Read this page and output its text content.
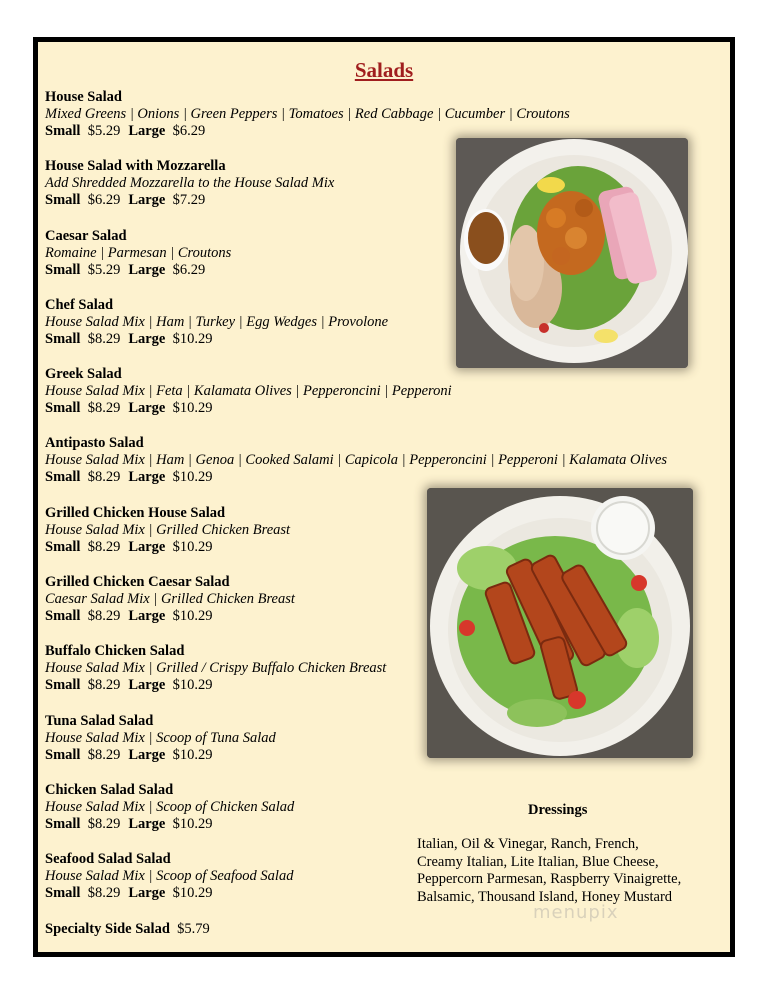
Salads
House Salad
Mixed Greens | Onions | Green Peppers | Tomatoes | Red Cabbage | Cucumber | Croutons
Small $5.29 Large $6.29
House Salad with Mozzarella
Add Shredded Mozzarella to the House Salad Mix
Small $6.29 Large $7.29
Caesar Salad
Romaine | Parmesan | Croutons
Small $5.29 Large $6.29
Chef Salad
House Salad Mix | Ham | Turkey | Egg Wedges | Provolone
Small $8.29 Large $10.29
Greek Salad
House Salad Mix | Feta | Kalamata Olives | Pepperoncini | Pepperoni
Small $8.29 Large $10.29
Antipasto Salad
House Salad Mix | Ham | Genoa | Cooked Salami | Capicola | Pepperoncini | Pepperoni | Kalamata Olives
Small $8.29 Large $10.29
Grilled Chicken House Salad
House Salad Mix | Grilled Chicken Breast
Small $8.29 Large $10.29
Grilled Chicken Caesar Salad
Caesar Salad Mix | Grilled Chicken Breast
Small $8.29 Large $10.29
Buffalo Chicken Salad
House Salad Mix | Grilled / Crispy Buffalo Chicken Breast
Small $8.29 Large $10.29
Tuna Salad Salad
House Salad Mix | Scoop of Tuna Salad
Small $8.29 Large $10.29
Chicken Salad Salad
House Salad Mix | Scoop of Chicken Salad
Small $8.29 Large $10.29
Seafood Salad Salad
House Salad Mix | Scoop of Seafood Salad
Small $8.29 Large $10.29
Specialty Side Salad $5.79
Dressings
Italian, Oil & Vinegar, Ranch, French,
Creamy Italian, Lite Italian, Blue Cheese,
Peppercorn Parmesan, Raspberry Vinaigrette,
Balsamic, Thousand Island, Honey Mustard
menupix
